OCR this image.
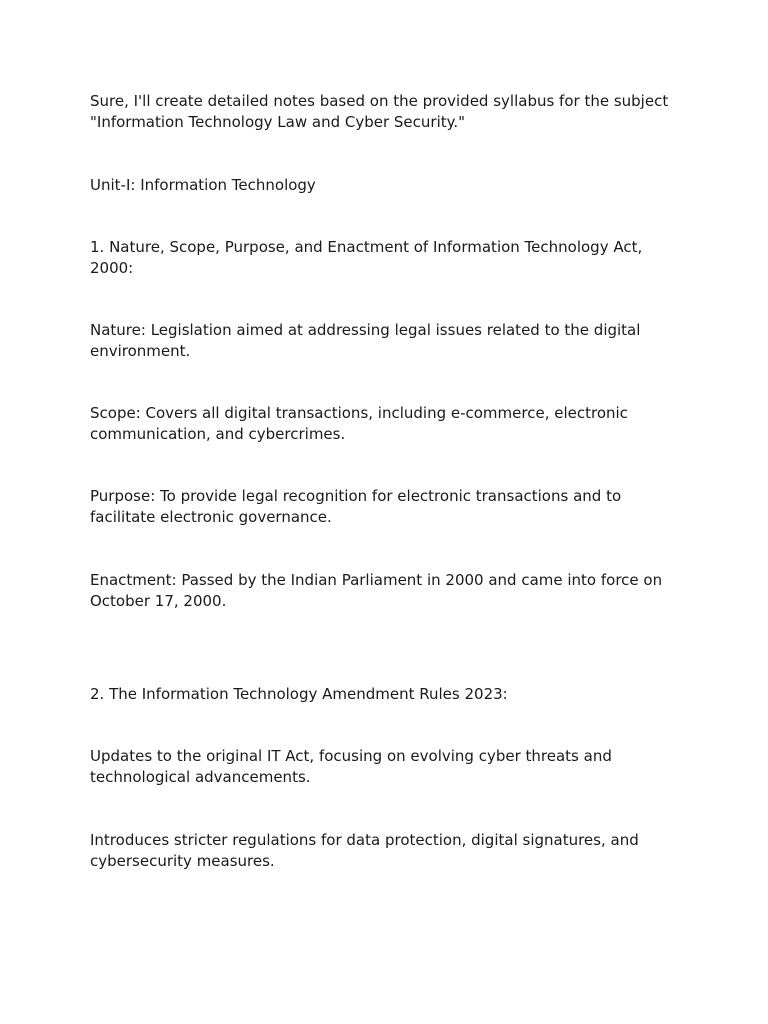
Sure, I'll create detailed notes based on the provided syllabus for the subject "Information Technology Law and Cyber Security."

Unit-I: Information Technology

1. Nature, Scope, Purpose, and Enactment of Information Technology Act, 2000:

Nature: Legislation aimed at addressing legal issues related to the digital environment.

Scope: Covers all digital transactions, including e-commerce, electronic communication, and cybercrimes.

Purpose: To provide legal recognition for electronic transactions and to facilitate electronic governance.

Enactment: Passed by the Indian Parliament in 2000 and came into force on October 17, 2000.

2. The Information Technology Amendment Rules 2023:

Updates to the original IT Act, focusing on evolving cyber threats and technological advancements.

Introduces stricter regulations for data protection, digital signatures, and cybersecurity measures.
